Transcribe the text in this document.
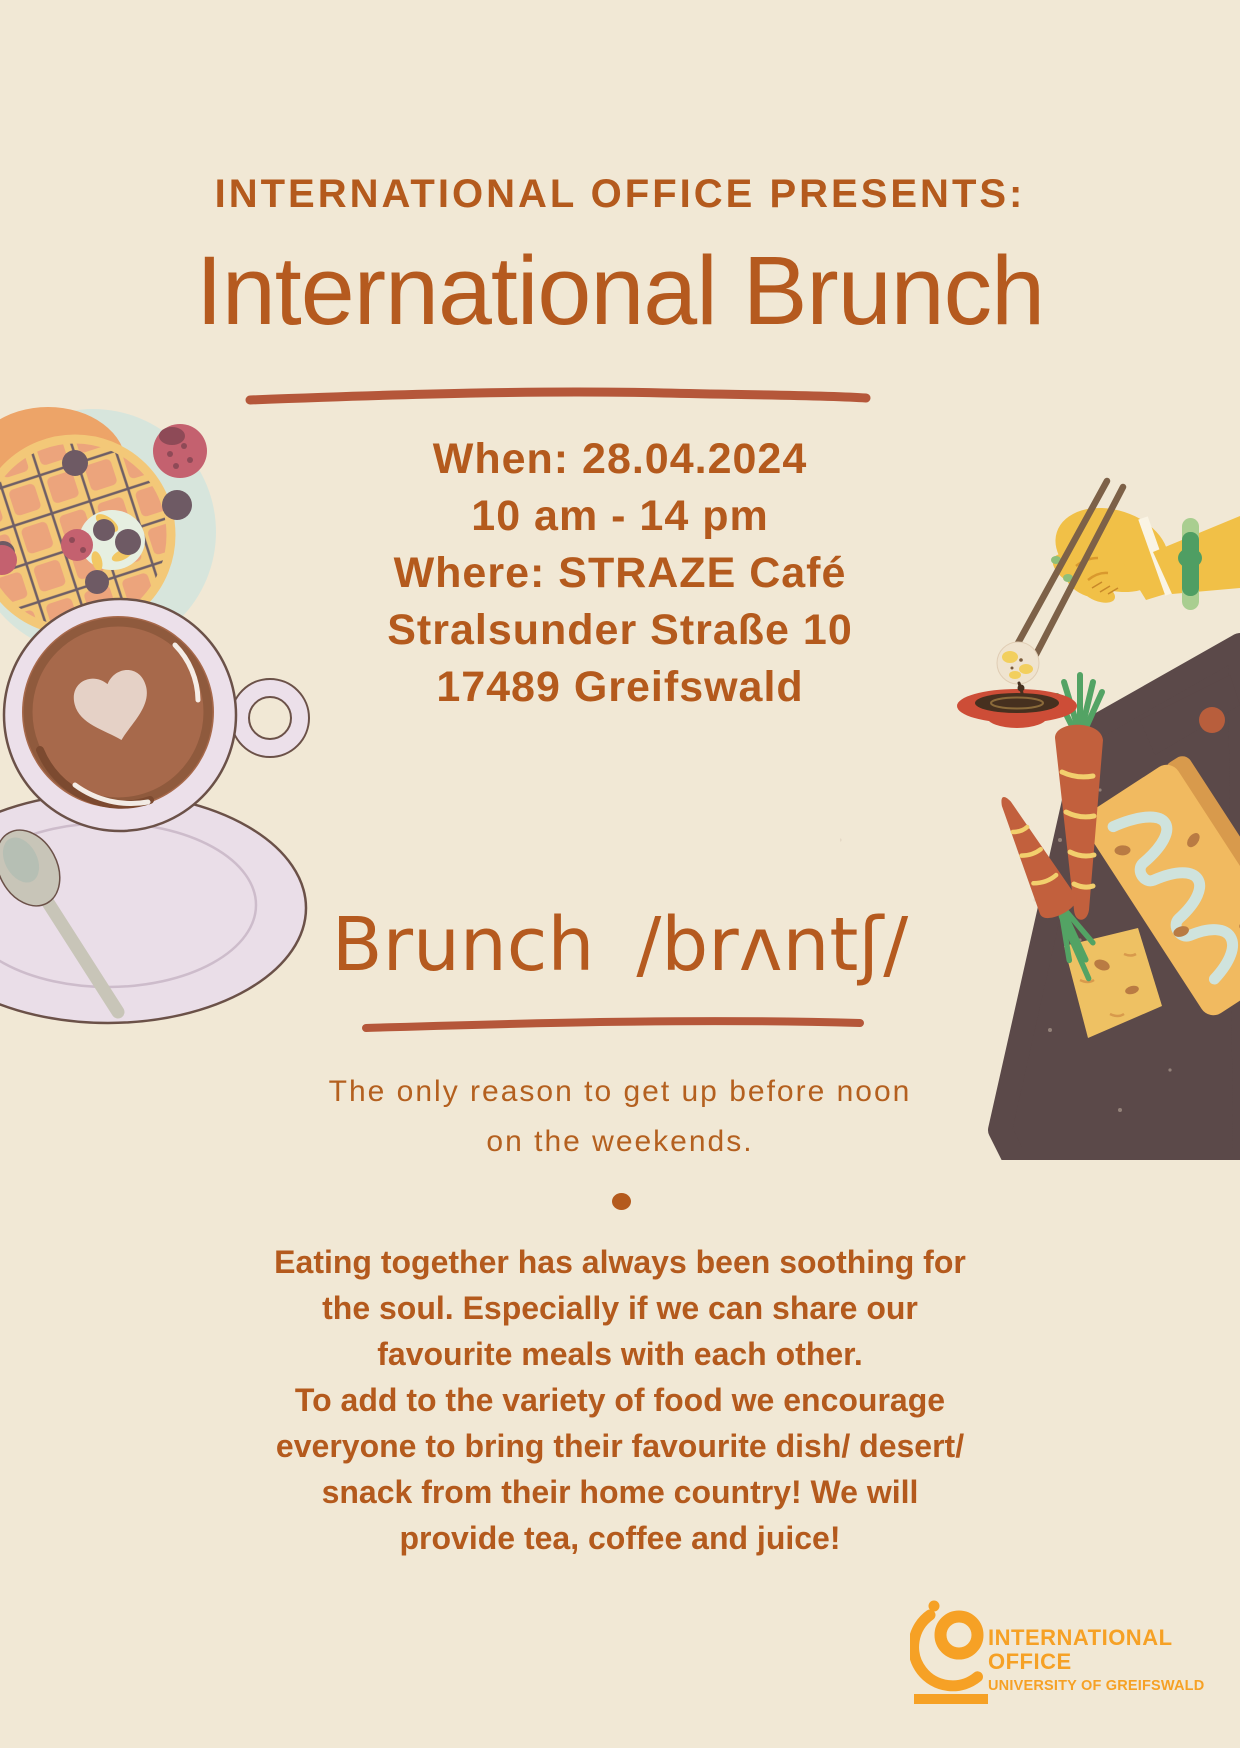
INTERNATIONAL OFFICE PRESENTS:
International Brunch
When: 28.04.2024
10 am - 14 pm
Where: STRAZE Café
Stralsunder Straße 10
17489 Greifswald
Brunch /brʌntʃ/
The only reason to get up before noon
on the weekends.
Eating together has always been soothing for
the soul. Especially if we can share our
favourite meals with each other.
To add to the variety of food we encourage
everyone to bring their favourite dish/ desert/
snack from their home country! We will
provide tea, coffee and juice!
INTERNATIONAL
OFFICE
UNIVERSITY OF GREIFSWALD
